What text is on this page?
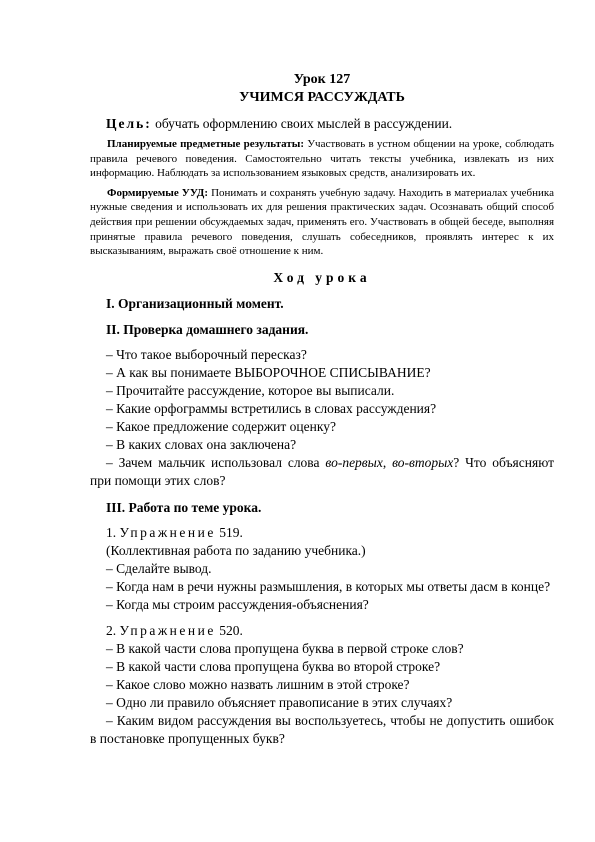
Урок 127

УЧИМСЯ РАССУЖДАТЬ

Цель: обучать оформлению своих мыслей в рассуждении.

Планируемые предметные результаты: Участвовать в устном общении на уроке, соблюдать правила речевого поведения. Самостоятельно читать тексты учебника, извлекать из них информацию. Наблюдать за использованием языковых средств, анализировать их.

Формируемые УУД: Понимать и сохранять учебную задачу. Находить в материалах учебника нужные сведения и использовать их для решения практических задач. Осознавать общий способ действия при решении обсуждаемых задач, применять его. Участвовать в общей беседе, выполняя принятые правила речевого поведения, слушать собеседников, проявлять интерес к их высказываниям, выражать своё отношение к ним.

Ход урока

I. Организационный момент.

II. Проверка домашнего задания.

– Что такое выборочный пересказ?

– А как вы понимаете ВЫБОРОЧНОЕ СПИСЫВАНИЕ?

– Прочитайте рассуждение, которое вы выписали.

– Какие орфограммы встретились в словах рассуждения?

– Какое предложение содержит оценку?

– В каких словах она заключена?

– Зачем мальчик использовал слова во-первых, во-вторых? Что объясняют при помощи этих слов?

III. Работа по теме урока.

1. Упражнение 519.

(Коллективная работа по заданию учебника.)

– Сделайте вывод.

– Когда нам в речи нужны размышления, в которых мы ответы дасм в конце?

– Когда мы строим рассуждения-объяснения?

2. Упражнение 520.

– В какой части слова пропущена буква в первой строке слов?

– В какой части слова пропущена буква во второй строке?

– Какое слово можно назвать лишним в этой строке?

– Одно ли правило объясняет правописание в этих случаях?

– Каким видом рассуждения вы воспользуетесь, чтобы не допустить ошибок в постановке пропущенных букв?
